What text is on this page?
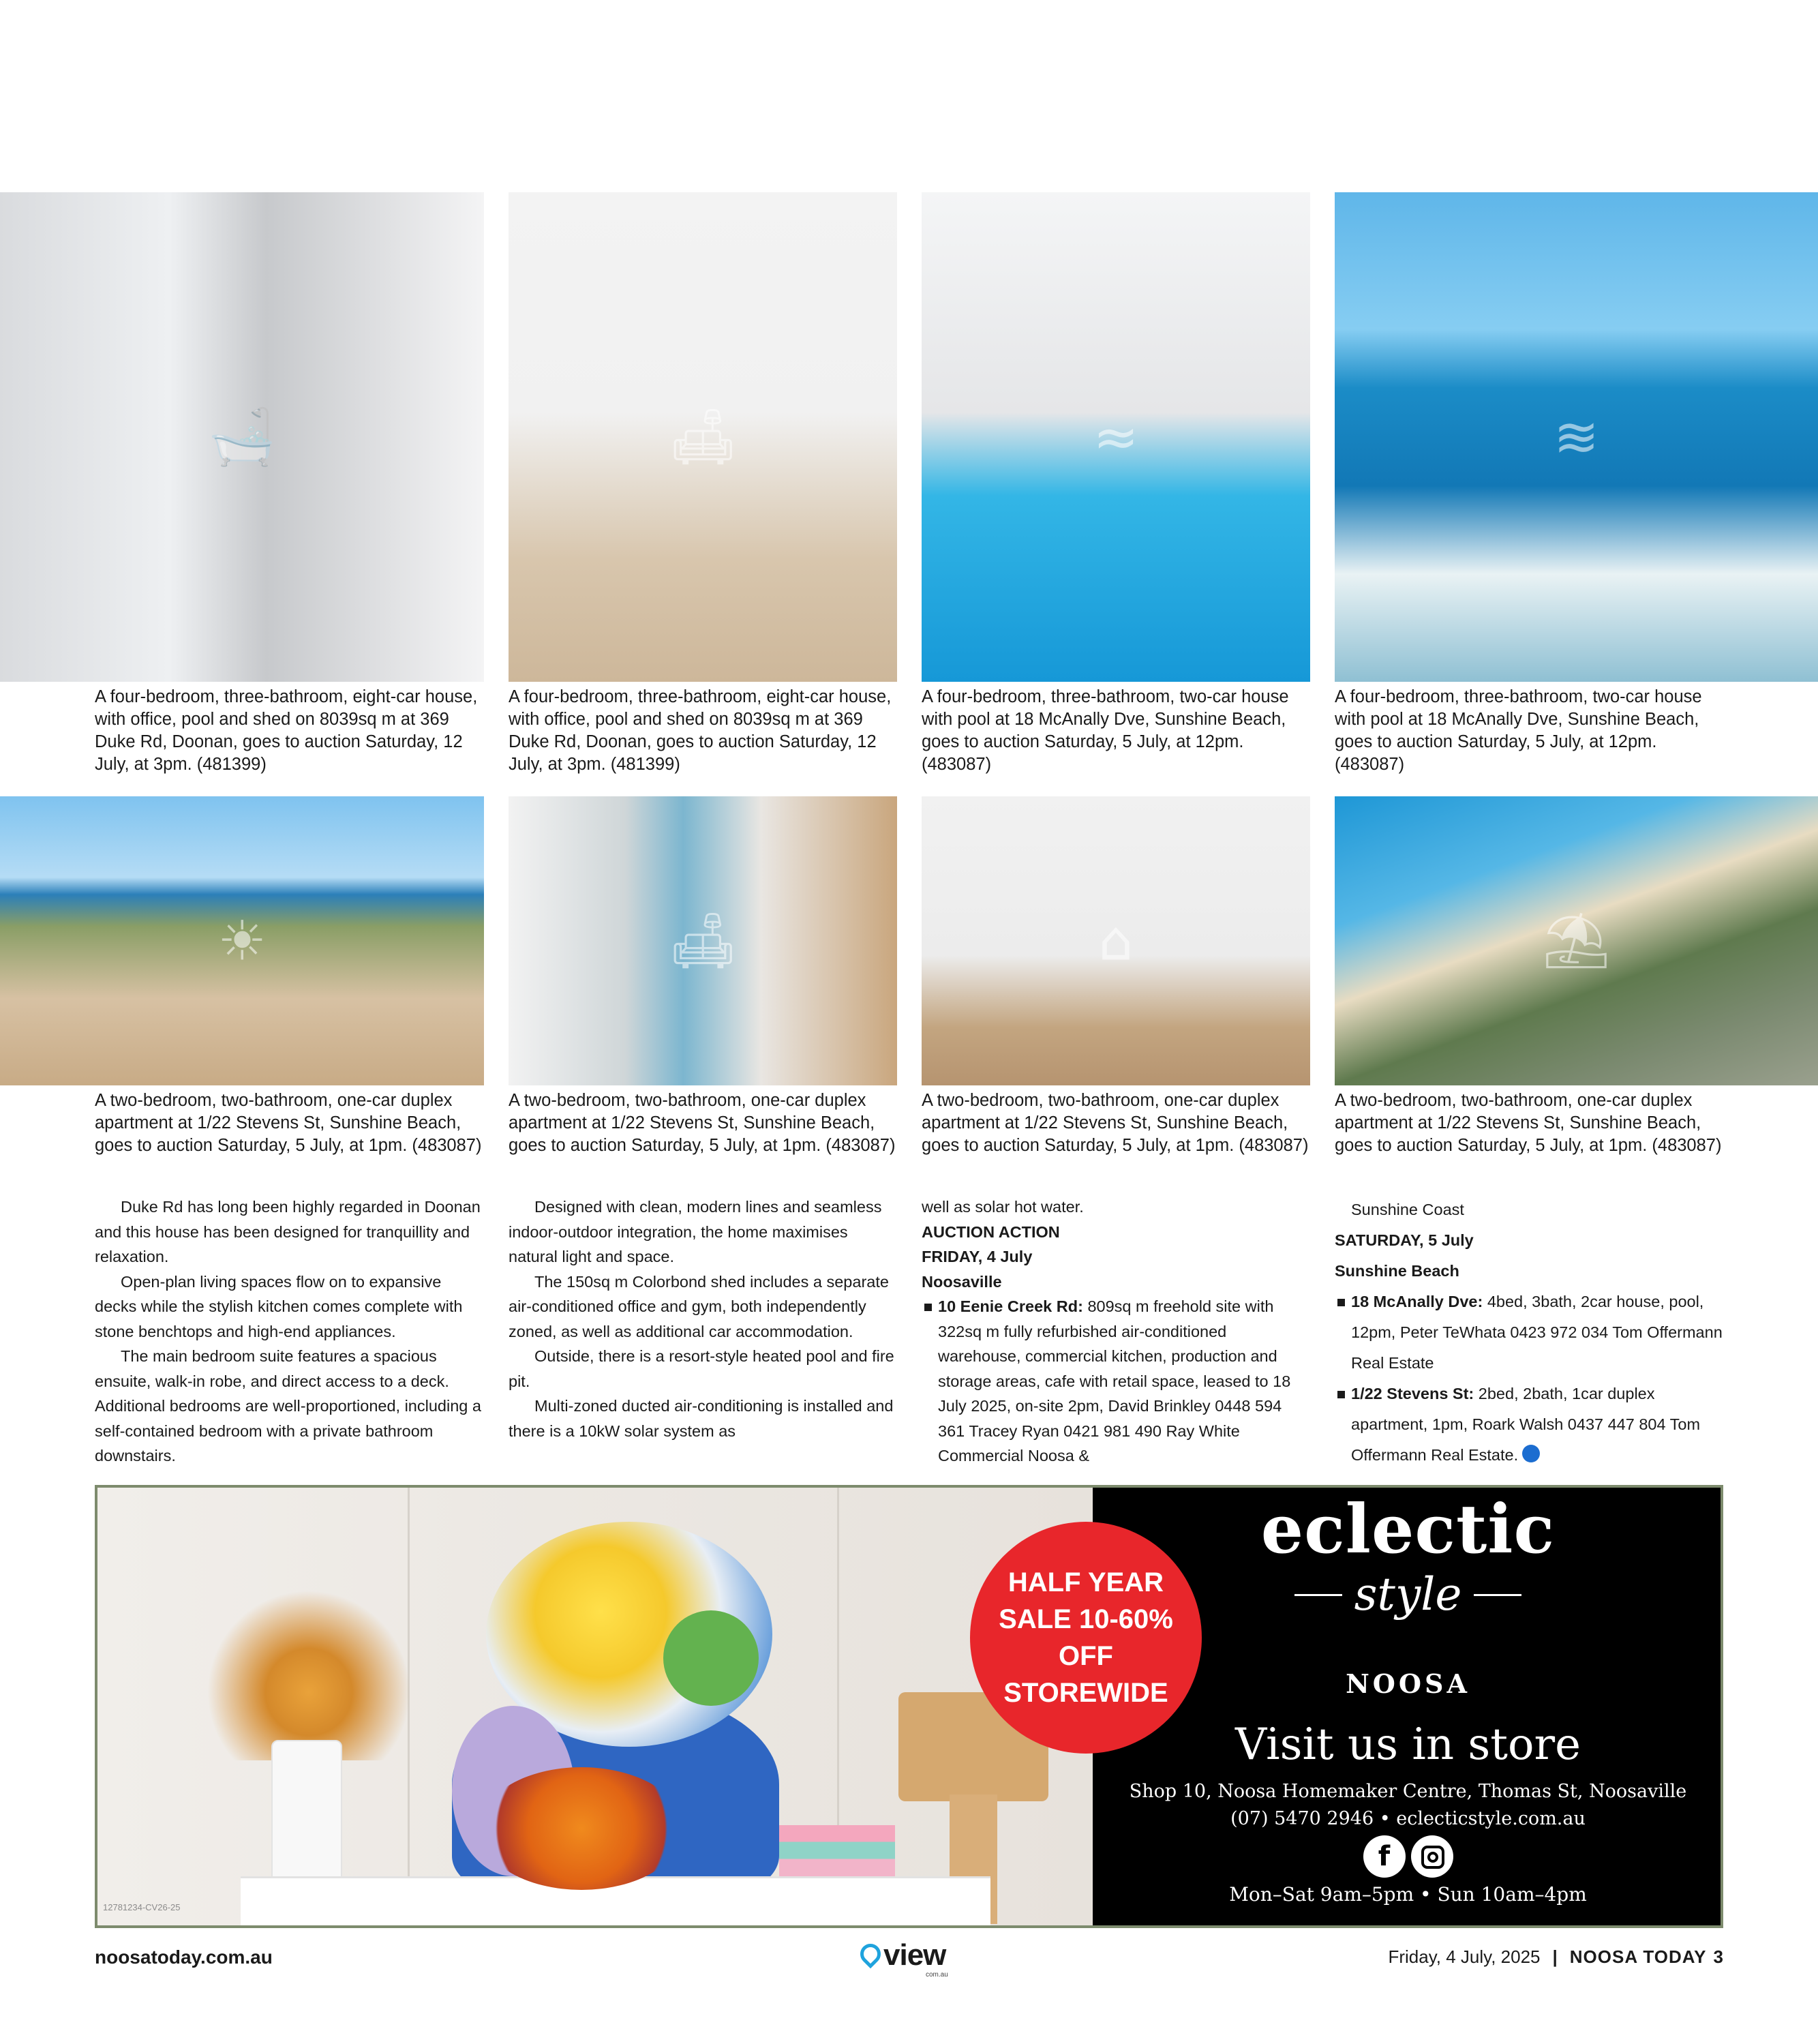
🛁	🛋	≈	≋
A four-bedroom, three-bathroom, eight-car house, with office, pool and shed on 8039sq m at 369 Duke Rd, Doonan, goes to auction Saturday, 12 July, at 3pm. (481399)
A four-bedroom, three-bathroom, eight-car house, with office, pool and shed on 8039sq m at 369 Duke Rd, Doonan, goes to auction Saturday, 12 July, at 3pm. (481399)
A four-bedroom, three-bathroom, two-car house with pool at 18 McAnally Dve, Sunshine Beach, goes to auction Saturday, 5 July, at 12pm. (483087)
A four-bedroom, three-bathroom, two-car house with pool at 18 McAnally Dve, Sunshine Beach, goes to auction Saturday, 5 July, at 12pm. (483087)
☀	🛋	⌂	⛱
A two-bedroom, two-bathroom, one-car duplex apartment at 1/22 Stevens St, Sunshine Beach, goes to auction Saturday, 5 July, at 1pm. (483087)
A two-bedroom, two-bathroom, one-car duplex apartment at 1/22 Stevens St, Sunshine Beach, goes to auction Saturday, 5 July, at 1pm. (483087)
A two-bedroom, two-bathroom, one-car duplex apartment at 1/22 Stevens St, Sunshine Beach, goes to auction Saturday, 5 July, at 1pm. (483087)
A two-bedroom, two-bathroom, one-car duplex apartment at 1/22 Stevens St, Sunshine Beach, goes to auction Saturday, 5 July, at 1pm. (483087)

Duke Rd has long been highly regarded in Doonan and this house has been designed for tranquillity and relaxation.

Open-plan living spaces flow on to expansive decks while the stylish kitchen comes complete with stone benchtops and high-end appliances.

The main bedroom suite features a spacious ensuite, walk-in robe, and direct access to a deck. Additional bedrooms are well-proportioned, including a self-contained bedroom with a private bathroom downstairs.

Designed with clean, modern lines and seamless indoor-outdoor integration, the home maximises natural light and space.

The 150sq m Colorbond shed includes a separate air-conditioned office and gym, both independently zoned, as well as additional car accommodation.

Outside, there is a resort-style heated pool and fire pit.

Multi-zoned ducted air-conditioning is installed and there is a 10kW solar system as

well as solar hot water.

AUCTION ACTION

FRIDAY, 4 July

Noosaville

10 Eenie Creek Rd: 809sq m freehold site with 322sq m fully refurbished air-conditioned warehouse, commercial kitchen, production and storage areas, cafe with retail space, leased to 18 July 2025, on-site 2pm, David Brinkley 0448 594 361 Tracey Ryan 0421 981 490 Ray White Commercial Noosa &

Sunshine Coast

SATURDAY, 5 July

Sunshine Beach

18 McAnally Dve: 4bed, 3bath, 2car house, pool, 12pm, Peter TeWhata 0423 972 034 Tom Offermann Real Estate

1/22 Stevens St: 2bed, 2bath, 1car duplex apartment, 1pm, Roark Walsh 0437 447 804 Tom Offermann Real Estate.

12781234-CV26-25
HALF YEAR SALE 10-60% OFF STOREWIDE
eclectic
style
NOOSA
Visit us in store
Shop 10, Noosa Homemaker Centre, Thomas St, Noosaville
(07) 5470 2946 • eclecticstyle.com.au
f
Mon–Sat 9am–5pm • Sun 10am–4pm
noosatoday.com.au	view
com.au
Friday, 4 July, 2025 | NOOSA TODAY 3
